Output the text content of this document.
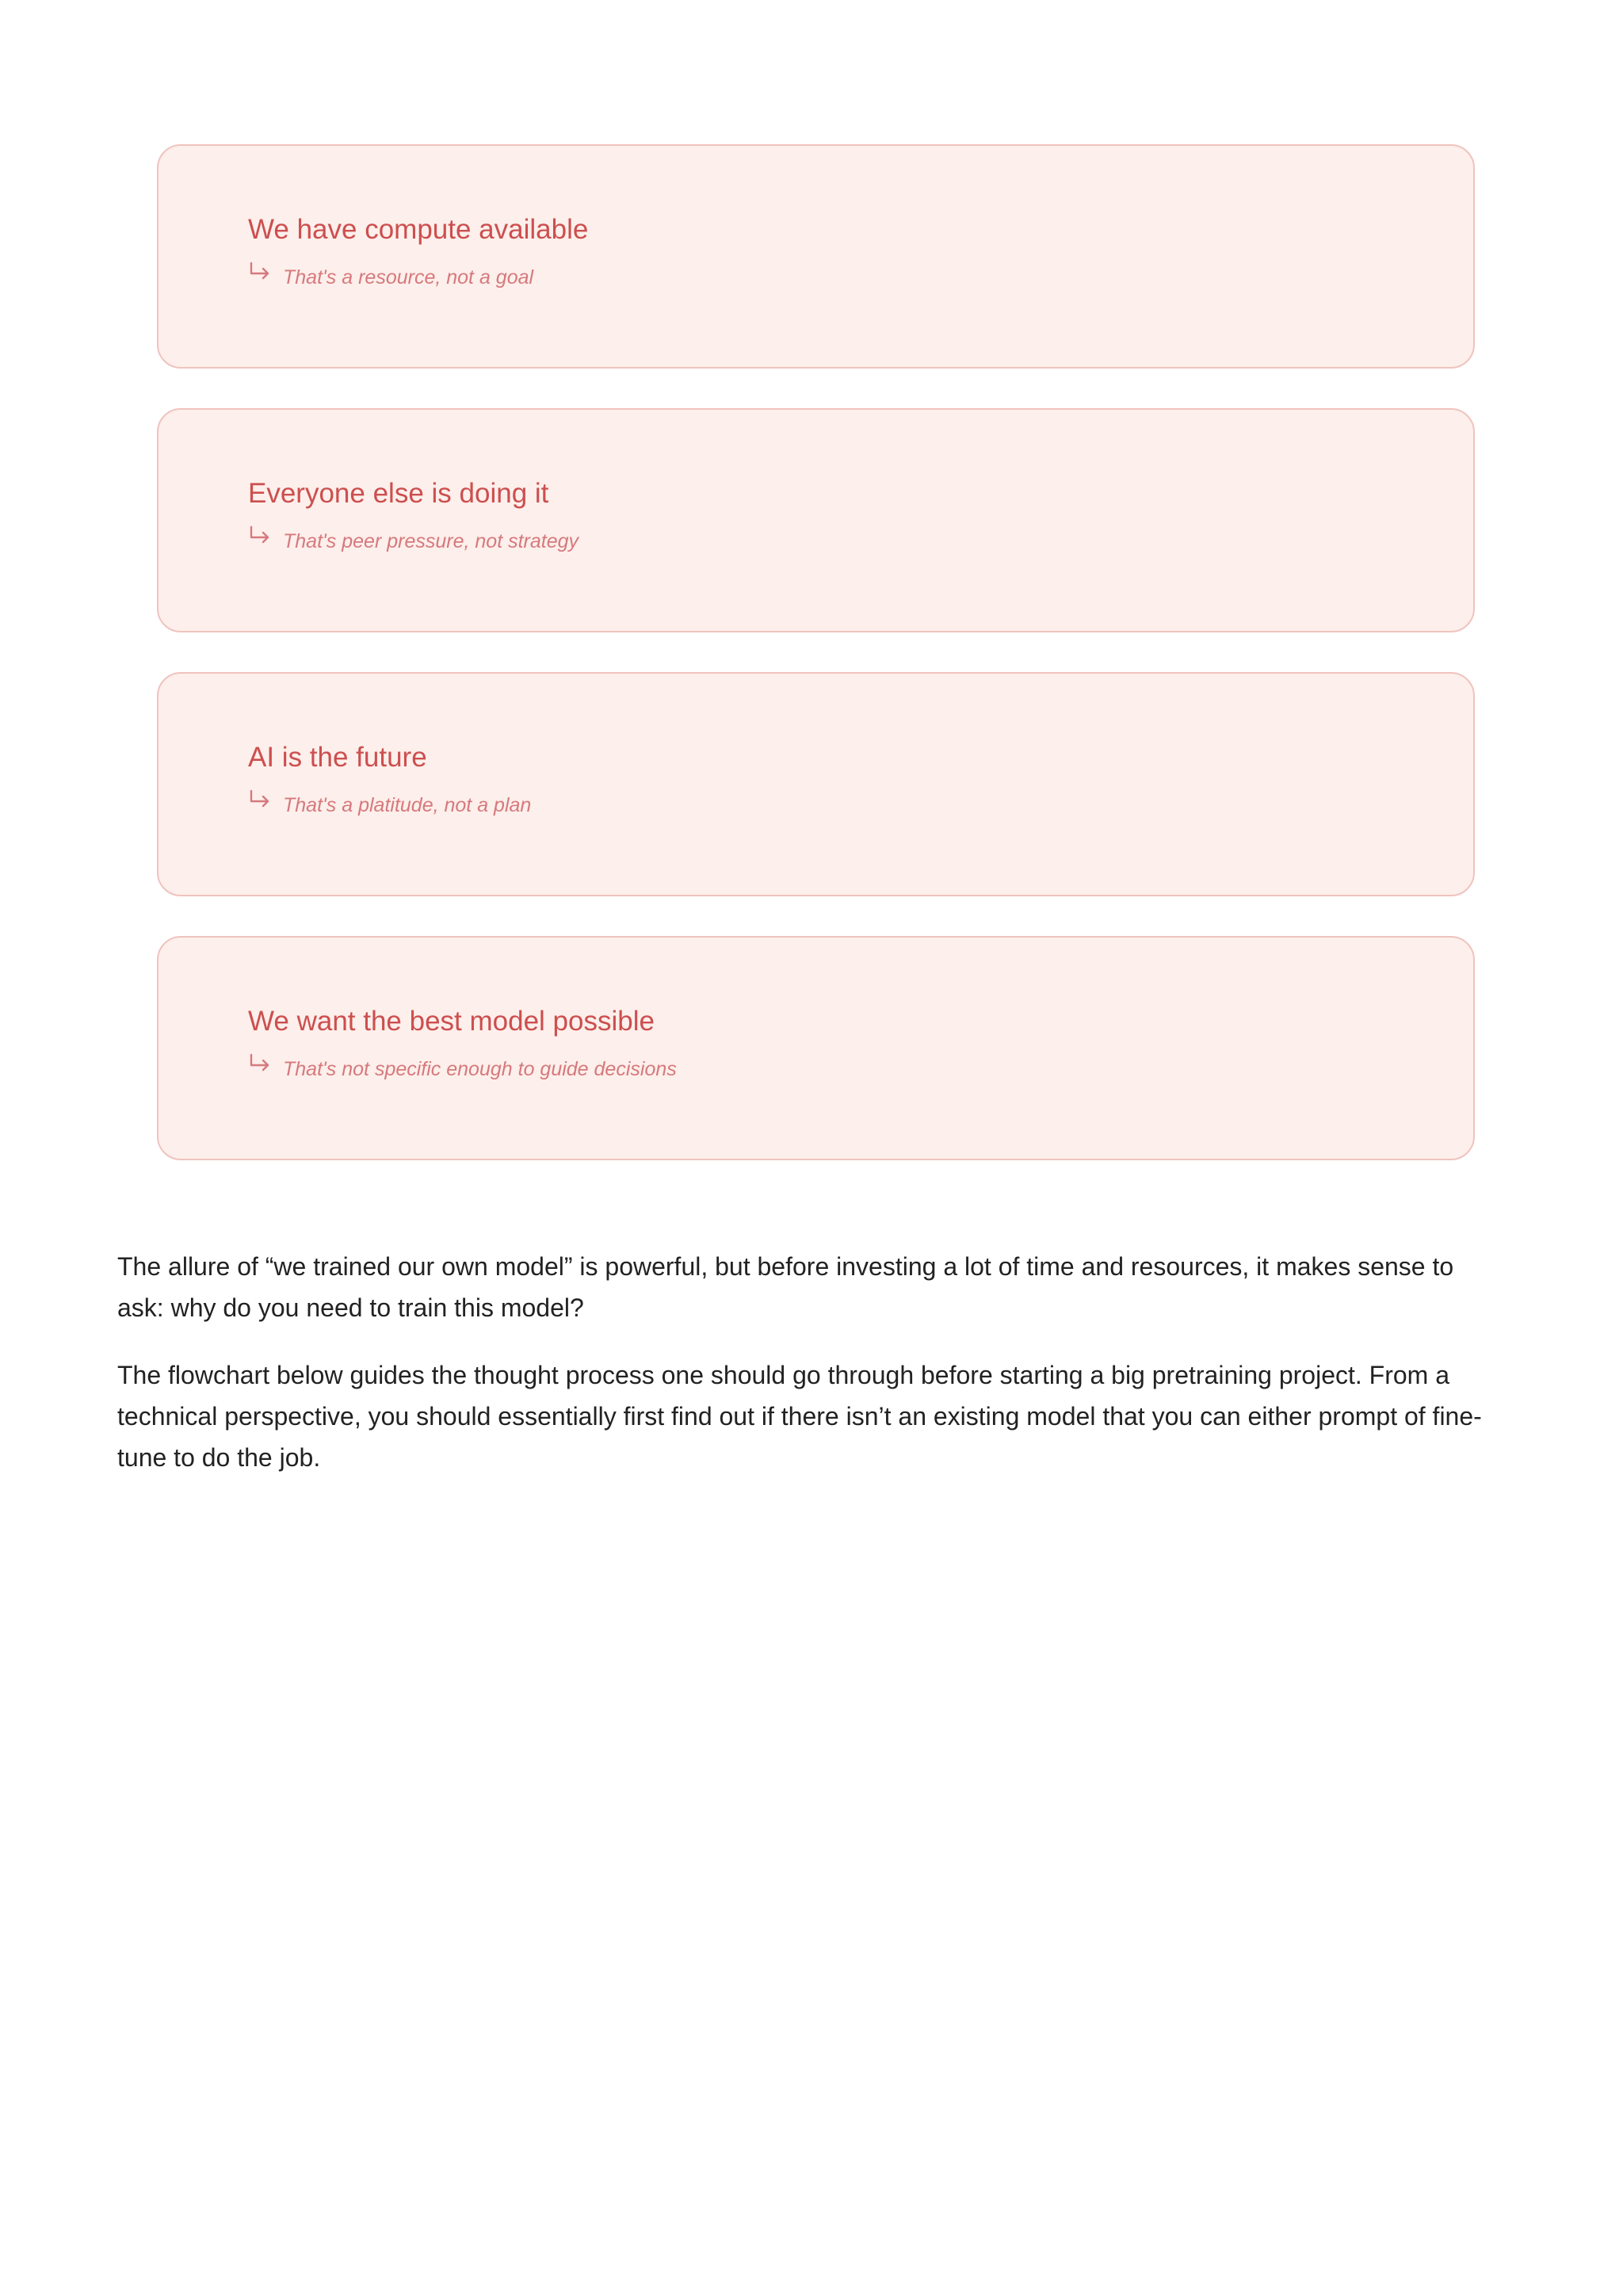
We have compute available
That's a resource, not a goal
Everyone else is doing it
That's peer pressure, not strategy
AI is the future
That's a platitude, not a plan
We want the best model possible
That's not specific enough to guide decisions

The allure of “we trained our own model” is powerful, but before investing a lot of time and resources, it makes sense to ask: why do you need to train this model?

The flowchart below guides the thought process one should go through before starting a big pretraining project. From a technical perspective, you should essentially first find out if there isn’t an existing model that you can either prompt of fine-tune to do the job.
